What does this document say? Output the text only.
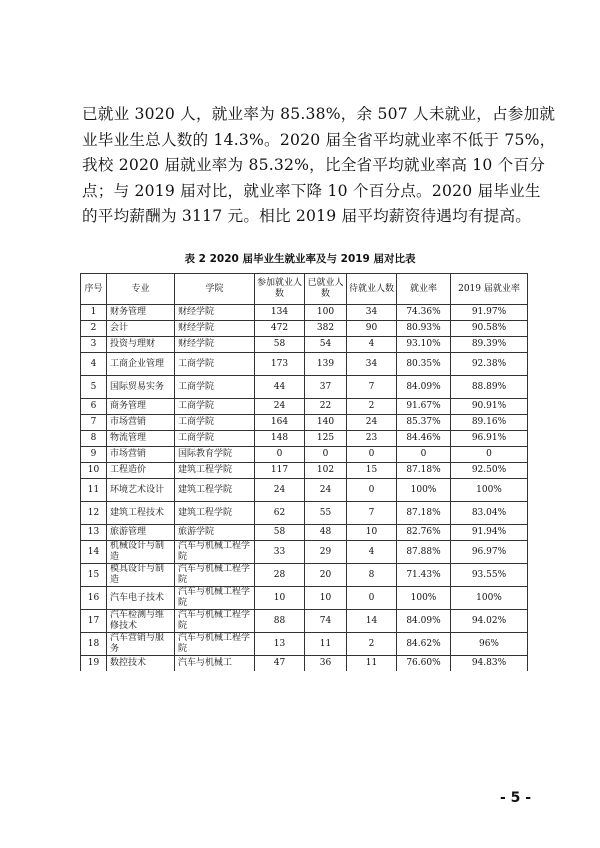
已就业 3020 人，就业率为 85.38%，余 507 人未就业，占参加就
业毕业生总人数的 14.3%。2020 届全省平均就业率不低于 75%，
我校 2020 届就业率为 85.32%，比全省平均就业率高 10 个百分
点；与 2019 届对比，就业率下降 10 个百分点。2020 届毕业生
的平均薪酬为 3117 元。相比 2019 届平均薪资待遇均有提高。
表 2 2020 届毕业生就业率及与 2019 届对比表
序号	专业	学院	参加就业人数	已就业人数	待就业人数	就业率	2019 届就业率
1	财务管理	财经学院	134	100	34	74.36%	91.97%
2	会计	财经学院	472	382	90	80.93%	90.58%
3	投资与理财	财经学院	58	54	4	93.10%	89.39%
4	工商企业管理	工商学院	173	139	34	80.35%	92.38%
5	国际贸易实务	工商学院	44	37	7	84.09%	88.89%
6	商务管理	工商学院	24	22	2	91.67%	90.91%
7	市场营销	工商学院	164	140	24	85.37%	89.16%
8	物流管理	工商学院	148	125	23	84.46%	96.91%
9	市场营销	国际教育学院	0	0	0	0	0
10	工程造价	建筑工程学院	117	102	15	87.18%	92.50%
11	环境艺术设计	建筑工程学院	24	24	0	100%	100%
12	建筑工程技术	建筑工程学院	62	55	7	87.18%	83.04%
13	旅游管理	旅游学院	58	48	10	82.76%	91.94%
14	机械设计与制造	汽车与机械工程学院	33	29	4	87.88%	96.97%
15	模具设计与制造	汽车与机械工程学院	28	20	8	71.43%	93.55%
16	汽车电子技术	汽车与机械工程学院	10	10	0	100%	100%
17	汽车检测与维修技术	汽车与机械工程学院	88	74	14	84.09%	94.02%
18	汽车营销与服务	汽车与机械工程学院	13	11	2	84.62%	96%
19	数控技术	汽车与机械工	47	36	11	76.60%	94.83%
- 5 -
